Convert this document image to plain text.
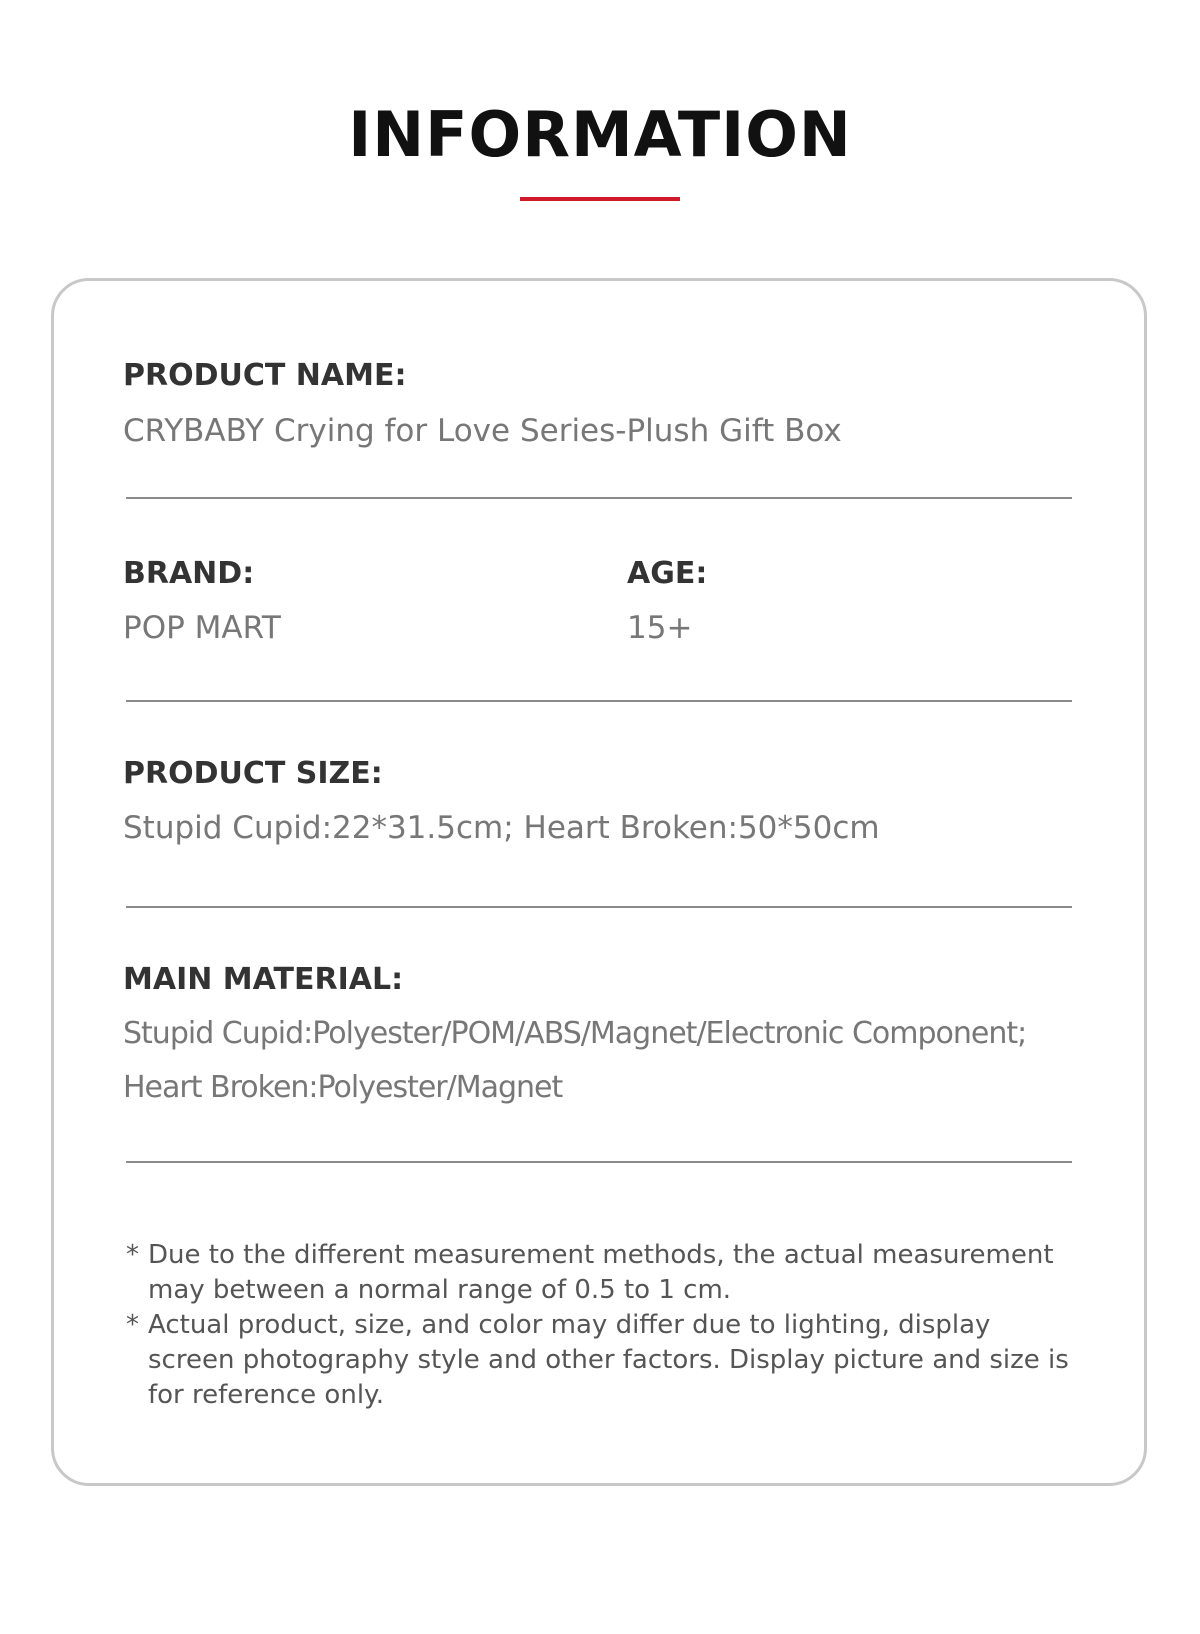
INFORMATION
PRODUCT NAME:
CRYBABY Crying for Love Series-Plush Gift Box
BRAND:
POP MART
AGE:
15+
PRODUCT SIZE:
Stupid Cupid:22*31.5cm; Heart Broken:50*50cm
MAIN MATERIAL:
Stupid Cupid:Polyester/POM/ABS/Magnet/Electronic Component;
Heart Broken:Polyester/Magnet
* Due to the different measurement methods, the actual measurement
may between a normal range of 0.5 to 1 cm.
* Actual product, size, and color may differ due to lighting, display
screen photography style and other factors. Display picture and size is
for reference only.
